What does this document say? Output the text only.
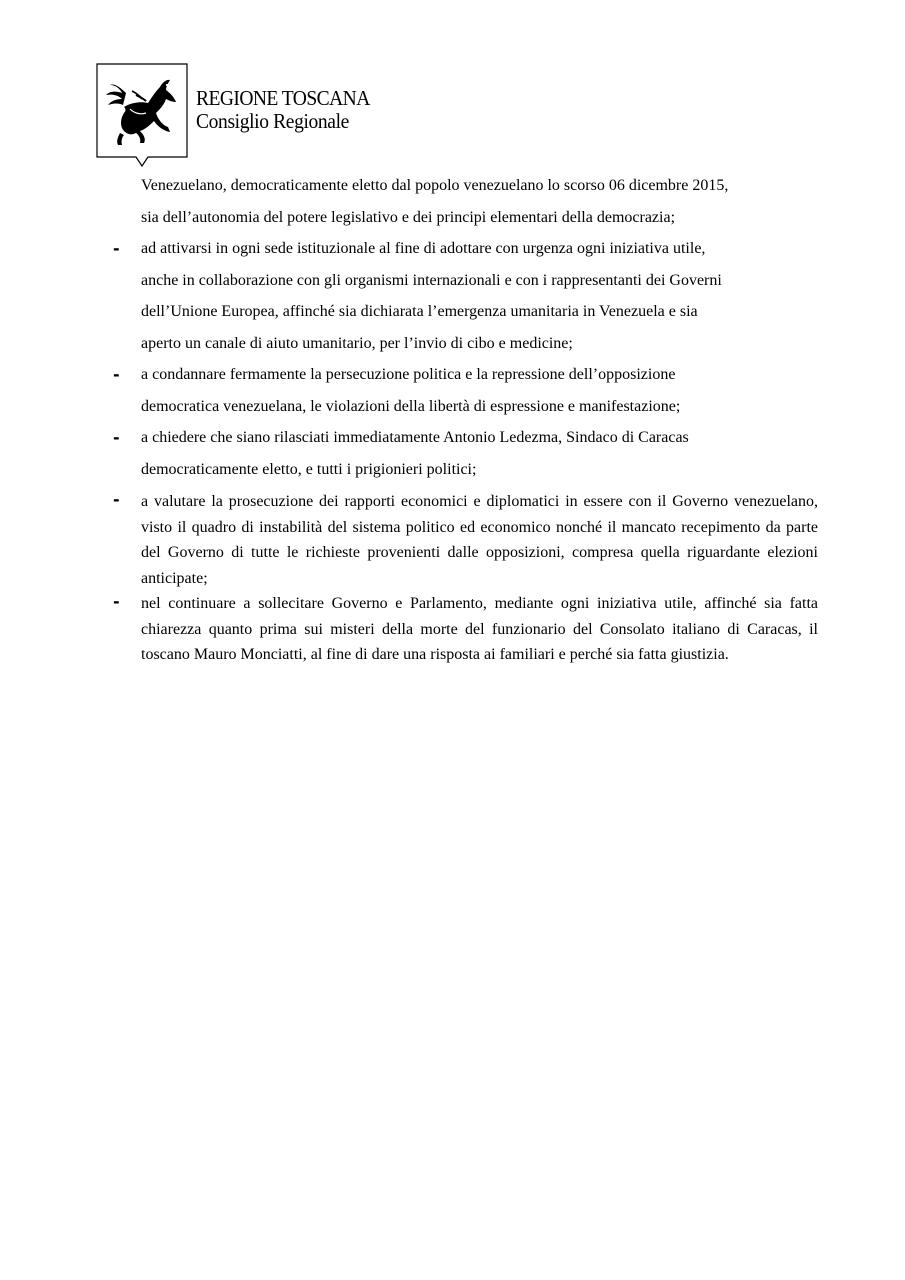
REGIONE TOSCANA
Consiglio Regionale
Venezuelano, democraticamente eletto dal popolo venezuelano lo scorso 06 dicembre 2015,
sia dell’autonomia del potere legislativo e dei principi elementari della democrazia;
- ad attivarsi in ogni sede istituzionale al fine di adottare con urgenza ogni iniziativa utile,
anche in collaborazione con gli organismi internazionali e con i rappresentanti dei Governi
dell’Unione Europea, affinché sia dichiarata l’emergenza umanitaria in Venezuela e sia
aperto un canale di aiuto umanitario, per l’invio di cibo e medicine;
- a condannare fermamente la persecuzione politica e la repressione dell’opposizione
democratica venezuelana, le violazioni della libertà di espressione e manifestazione;
- a chiedere che siano rilasciati immediatamente Antonio Ledezma, Sindaco di Caracas
democraticamente eletto, e tutti i prigionieri politici;
- a valutare la prosecuzione dei rapporti economici e diplomatici in essere con il Governo venezuelano, visto il quadro di instabilità del sistema politico ed economico nonché il mancato recepimento da parte del Governo di tutte le richieste provenienti dalle opposizioni, compresa quella riguardante elezioni anticipate;
- nel continuare a sollecitare Governo e Parlamento, mediante ogni iniziativa utile, affinché sia fatta chiarezza quanto prima sui misteri della morte del funzionario del Consolato italiano di Caracas, il toscano Mauro Monciatti, al fine di dare una risposta ai familiari e perché sia fatta giustizia.
